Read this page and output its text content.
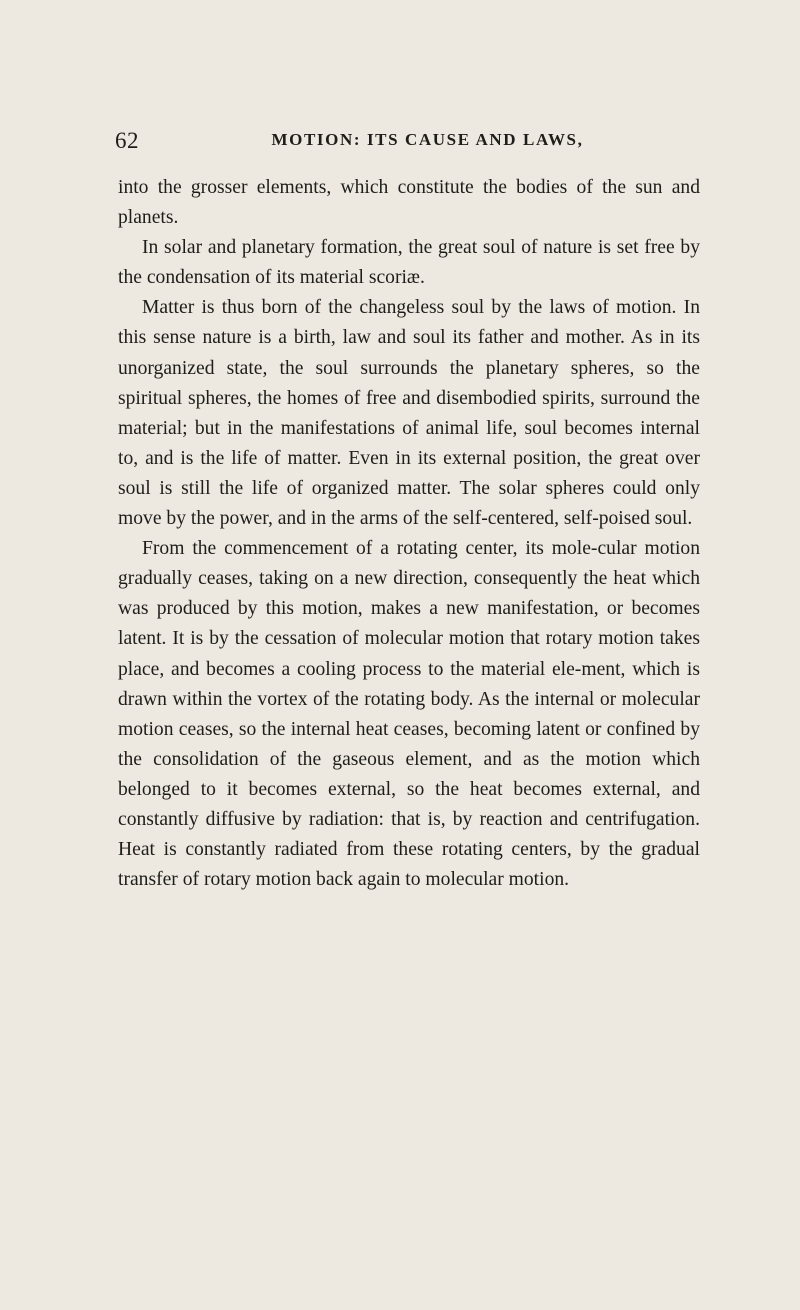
62	MOTION: ITS CAUSE AND LAWS,

into the grosser elements, which constitute the bodies of the sun and planets.

In solar and planetary formation, the great soul of nature is set free by the condensation of its material scoriæ.

Matter is thus born of the changeless soul by the laws of motion. In this sense nature is a birth, law and soul its father and mother. As in its unorganized state, the soul surrounds the planetary spheres, so the spiritual spheres, the homes of free and disembodied spirits, surround the material; but in the manifestations of animal life, soul becomes internal to, and is the life of matter. Even in its external position, the great over soul is still the life of organized matter. The solar spheres could only move by the power, and in the arms of the self-centered, self-poised soul.

From the commencement of a rotating center, its mole-cular motion gradually ceases, taking on a new direction, consequently the heat which was produced by this motion, makes a new manifestation, or becomes latent. It is by the cessation of molecular motion that rotary motion takes place, and becomes a cooling process to the material ele-ment, which is drawn within the vortex of the rotating body. As the internal or molecular motion ceases, so the internal heat ceases, becoming latent or confined by the consolidation of the gaseous element, and as the motion which belonged to it becomes external, so the heat becomes external, and constantly diffusive by radiation: that is, by reaction and centrifugation. Heat is constantly radiated from these rotating centers, by the gradual transfer of rotary motion back again to molecular motion.
